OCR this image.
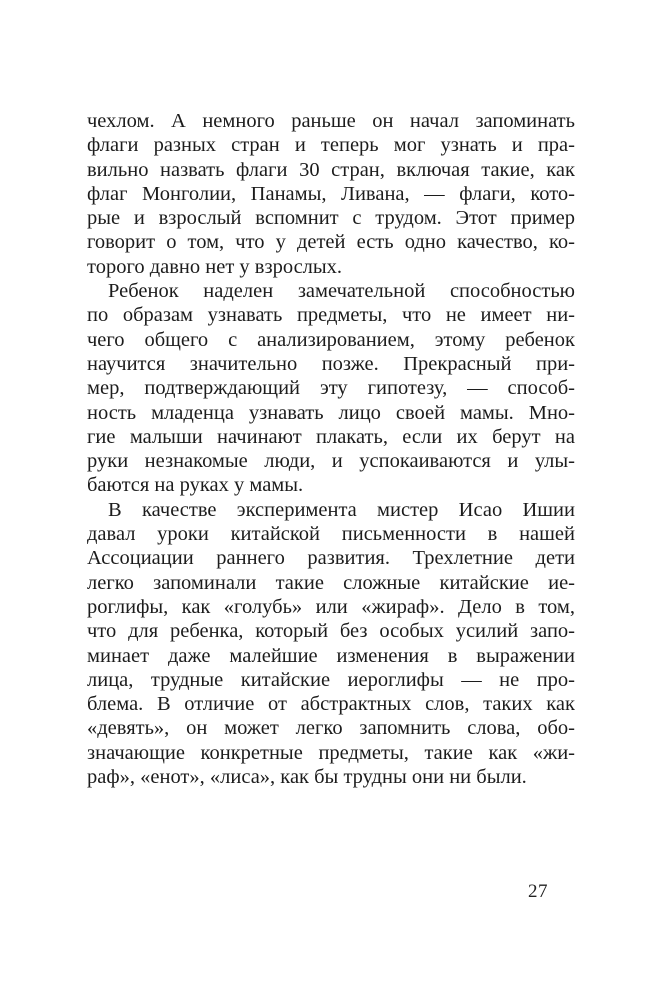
чехлом. А немного раньше он начал запоминать
флаги разных стран и теперь мог узнать и пра-
вильно назвать флаги 30 стран, включая такие, как
флаг Монголии, Панамы, Ливана, — флаги, кото-
рые и взрослый вспомнит с трудом. Этот пример
говорит о том, что у детей есть одно качество, ко-
торого давно нет у взрослых.
Ребенок наделен замечательной способностью
по образам узнавать предметы, что не имеет ни-
чего общего с анализированием, этому ребенок
научится значительно позже. Прекрасный при-
мер, подтверждающий эту гипотезу, — способ-
ность младенца узнавать лицо своей мамы. Мно-
гие малыши начинают плакать, если их берут на
руки незнакомые люди, и успокаиваются и улы-
баются на руках у мамы.
В качестве эксперимента мистер Исао Ишии
давал уроки китайской письменности в нашей
Ассоциации раннего развития. Трехлетние дети
легко запоминали такие сложные китайские ие-
роглифы, как «голубь» или «жираф». Дело в том,
что для ребенка, который без особых усилий запо-
минает даже малейшие изменения в выражении
лица, трудные китайские иероглифы — не про-
блема. В отличие от абстрактных слов, таких как
«девять», он может легко запомнить слова, обо-
значающие конкретные предметы, такие как «жи-
раф», «енот», «лиса», как бы трудны они ни были.
27
